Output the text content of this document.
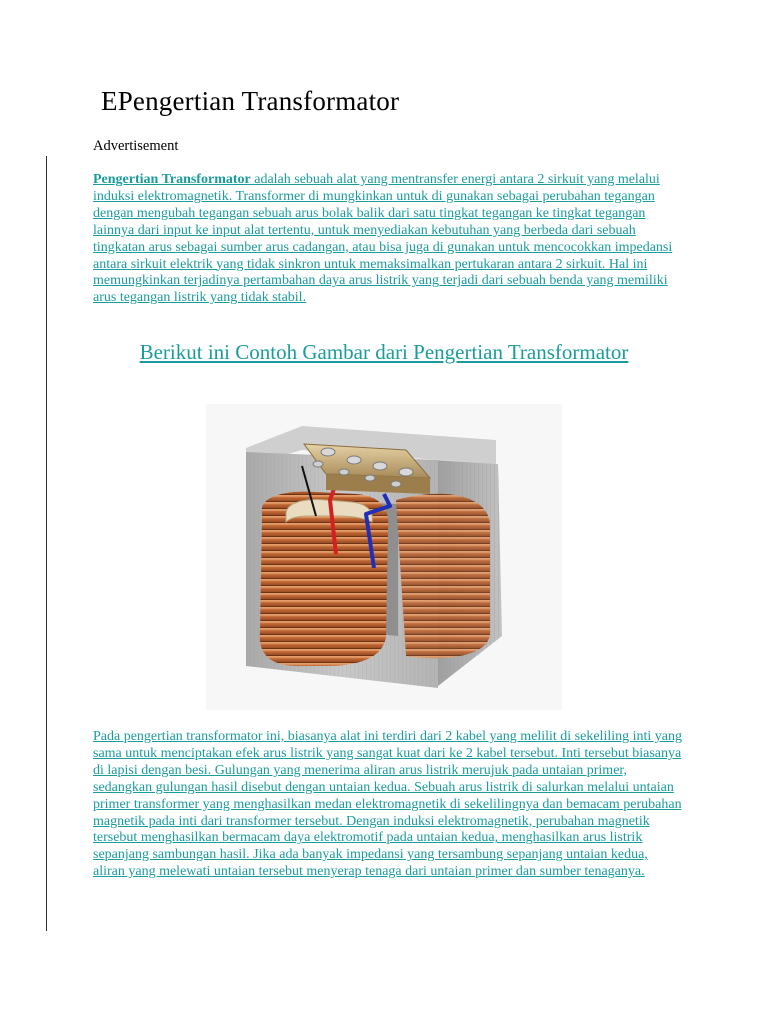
EPengertian Transformator
Advertisement

Pengertian Transformator adalah sebuah alat yang mentransfer energi antara 2 sirkuit yang melalui induksi elektromagnetik. Transformer di mungkinkan untuk di gunakan sebagai perubahan tegangan dengan mengubah tegangan sebuah arus bolak balik dari satu tingkat tegangan ke tingkat tegangan lainnya dari input ke input alat tertentu, untuk menyediakan kebutuhan yang berbeda dari sebuah tingkatan arus sebagai sumber arus cadangan, atau bisa juga di gunakan untuk mencocokkan impedansi antara sirkuit elektrik yang tidak sinkron untuk memaksimalkan pertukaran antara 2 sirkuit. Hal ini memungkinkan terjadinya pertambahan daya arus listrik yang terjadi dari sebuah benda yang memiliki arus tegangan listrik yang tidak stabil.

Berikut ini Contoh Gambar dari Pengertian Transformator

Pada pengertian transformator ini, biasanya alat ini terdiri dari 2 kabel yang melilit di sekeliling inti yang sama untuk menciptakan efek arus listrik yang sangat kuat dari ke 2 kabel tersebut. Inti tersebut biasanya di lapisi dengan besi. Gulungan yang menerima aliran arus listrik merujuk pada untaian primer, sedangkan gulungan hasil disebut dengan untaian kedua. Sebuah arus listrik di salurkan melalui untaian primer transformer yang menghasilkan medan elektromagnetik di sekelilingnya dan bemacam perubahan magnetik pada inti dari transformer tersebut. Dengan induksi elektromagnetik, perubahan magnetik tersebut menghasilkan bermacam daya elektromotif pada untaian kedua, menghasilkan arus listrik sepanjang sambungan hasil. Jika ada banyak impedansi yang tersambung sepanjang untaian kedua, aliran yang melewati untaian tersebut menyerap tenaga dari untaian primer dan sumber tenaganya.
